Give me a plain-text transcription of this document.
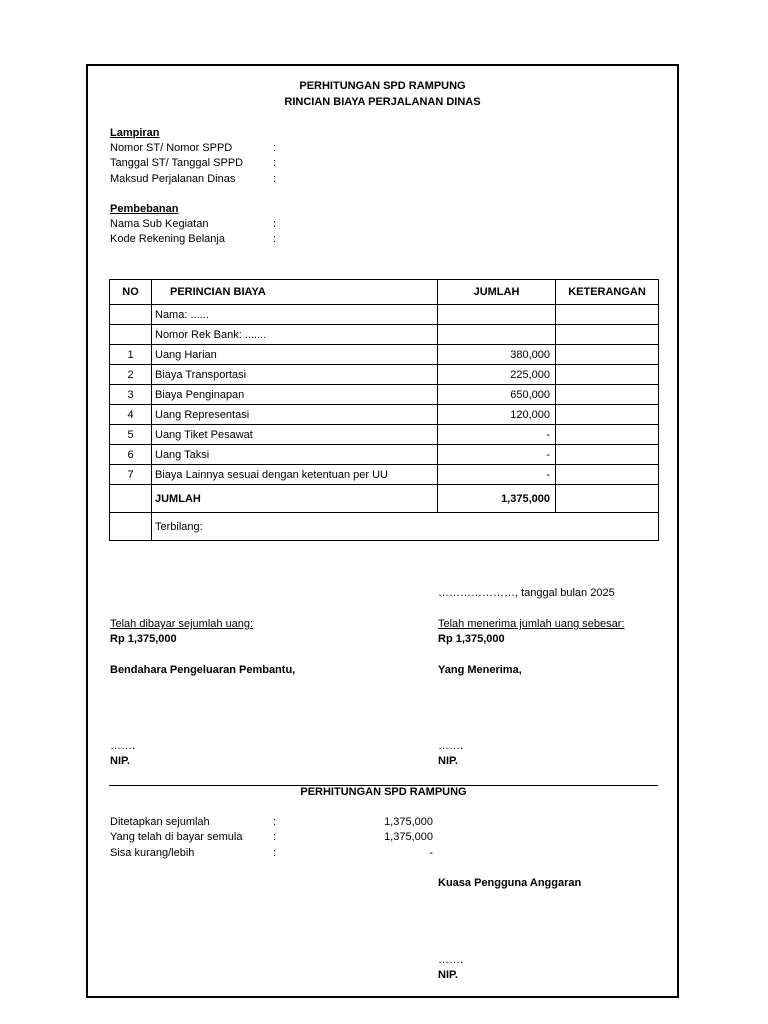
PERHITUNGAN SPD RAMPUNG
RINCIAN BIAYA PERJALANAN DINAS
Lampiran
Nomor ST/ Nomor SPPD	:
Tanggal ST/ Tanggal SPPD	:
Maksud Perjalanan Dinas	:
Pembebanan
Nama Sub Kegiatan	:
Kode Rekening Belanja	:
NO	PERINCIAN BIAYA	JUMLAH	KETERANGAN
	Nama: ......		
	Nomor Rek Bank: .......		
1	Uang Harian	380,000	
2	Biaya Transportasi	225,000	
3	Biaya Penginapan	650,000	
4	Uang Representasi	120,000	
5	Uang Tiket Pesawat	-	
6	Uang Taksi	-	
7	Biaya Lainnya sesuai dengan ketentuan per UU	-	
	JUMLAH	1,375,000	
	Terbilang:		
…………………, tanggal bulan 2025
Telah dibayar sejumlah uang:
Rp 1,375,000
Bendahara Pengeluaran Pembantu,
…….
NIP.
Telah menerima jumlah uang sebesar:
Rp 1,375,000
Yang Menerima,
…….
NIP.
PERHITUNGAN SPD RAMPUNG
Ditetapkan sejumlah	:	1,375,000
Yang telah di bayar semula	:	1,375,000
Sisa kurang/lebih	:	-
Kuasa Pengguna Anggaran
…….
NIP.
